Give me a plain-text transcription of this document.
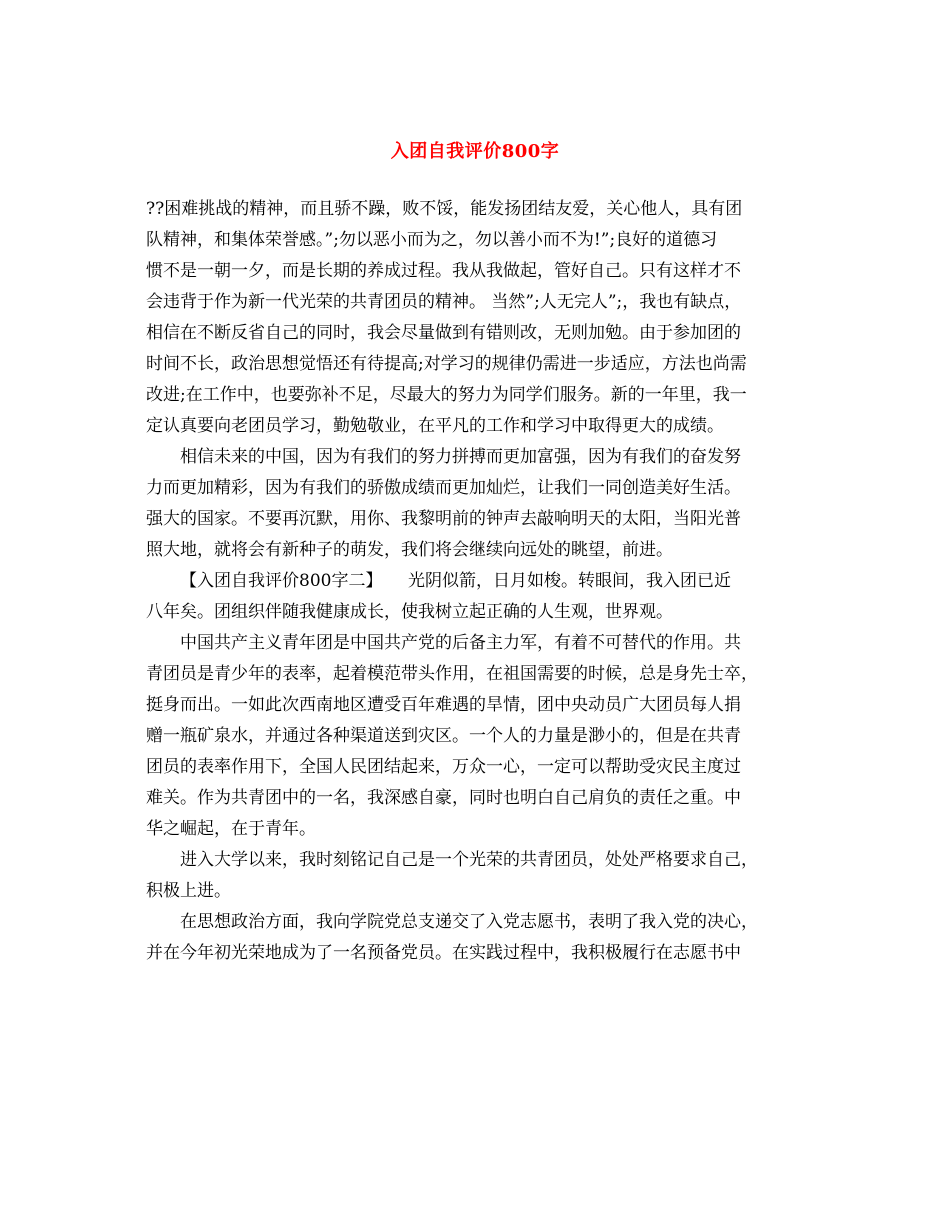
入团自我评价800字
??困难挑战的精神，而且骄不躁，败不馁，能发扬团结友爱，关心他人，具有团
队精神，和集体荣誉感。”;勿以恶小而为之，勿以善小而不为!”;良好的道德习
惯不是一朝一夕，而是长期的养成过程。我从我做起，管好自己。只有这样才不
会违背于作为新一代光荣的共青团员的精神。 当然”;人无完人”;，我也有缺点，
相信在不断反省自己的同时，我会尽量做到有错则改，无则加勉。由于参加团的
时间不长，政治思想觉悟还有待提高;对学习的规律仍需进一步适应，方法也尚需
改进;在工作中，也要弥补不足，尽最大的努力为同学们服务。新的一年里，我一
定认真要向老团员学习，勤勉敬业，在平凡的工作和学习中取得更大的成绩。
相信未来的中国，因为有我们的努力拼搏而更加富强，因为有我们的奋发努
力而更加精彩，因为有我们的骄傲成绩而更加灿烂，让我们一同创造美好生活。
强大的国家。不要再沉默，用你、我黎明前的钟声去敲响明天的太阳，当阳光普
照大地，就将会有新种子的萌发，我们将会继续向远处的眺望，前进。
【入团自我评价800字二】　　光阴似箭，日月如梭。转眼间，我入团已近
八年矣。团组织伴随我健康成长，使我树立起正确的人生观，世界观。
中国共产主义青年团是中国共产党的后备主力军，有着不可替代的作用。共
青团员是青少年的表率，起着模范带头作用，在祖国需要的时候，总是身先士卒，
挺身而出。一如此次西南地区遭受百年难遇的旱情，团中央动员广大团员每人捐
赠一瓶矿泉水，并通过各种渠道送到灾区。一个人的力量是渺小的，但是在共青
团员的表率作用下，全国人民团结起来，万众一心，一定可以帮助受灾民主度过
难关。作为共青团中的一名，我深感自豪，同时也明白自己肩负的责任之重。中
华之崛起，在于青年。
进入大学以来，我时刻铭记自己是一个光荣的共青团员，处处严格要求自己，
积极上进。
在思想政治方面，我向学院党总支递交了入党志愿书，表明了我入党的决心，
并在今年初光荣地成为了一名预备党员。在实践过程中，我积极履行在志愿书中
